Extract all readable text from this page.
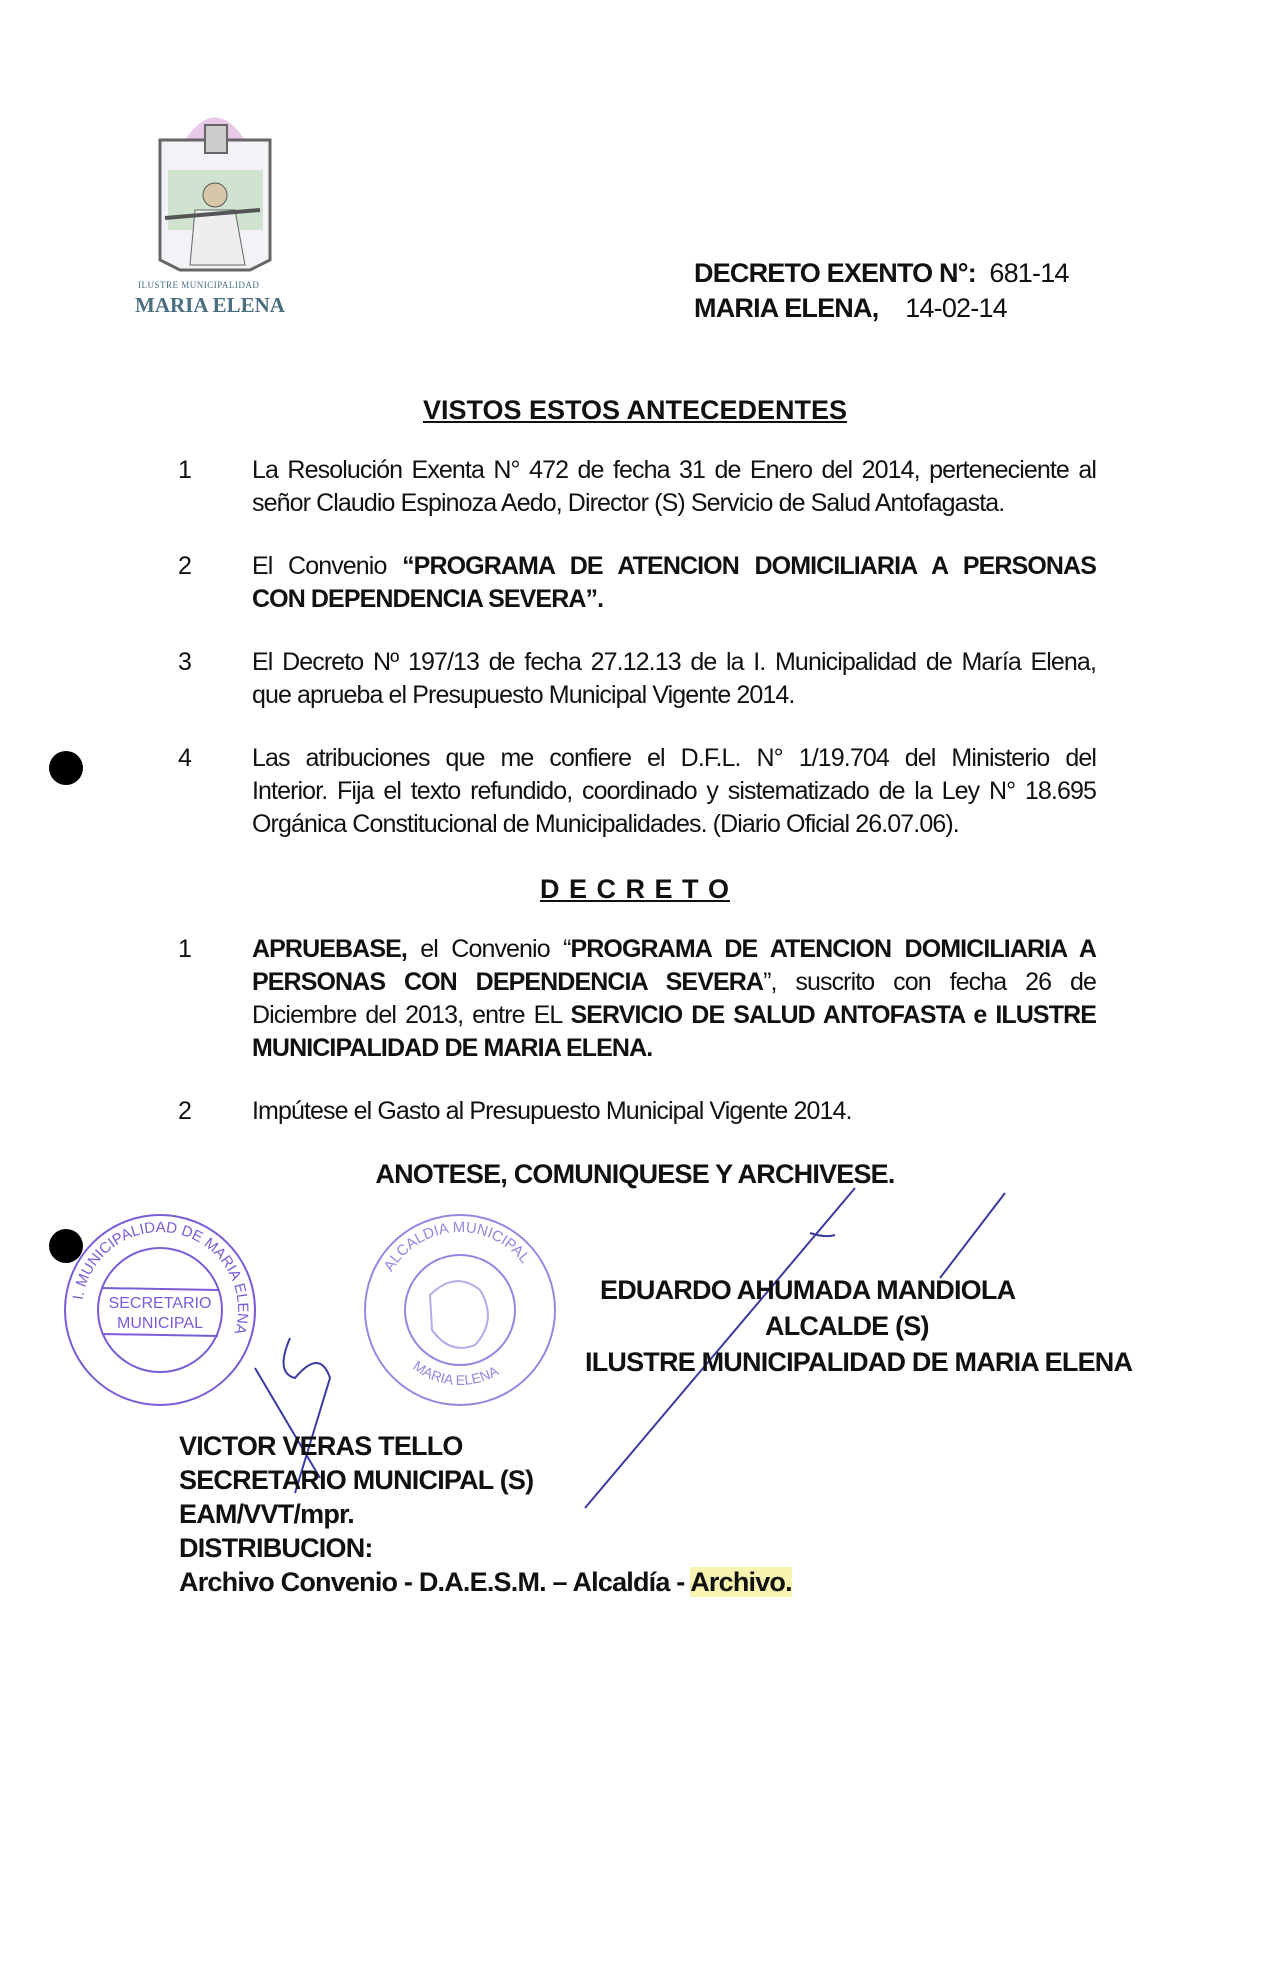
ILUSTRE MUNICIPALIDAD
MARIA ELENA
DECRETO EXENTO N°: 681-14
MARIA ELENA, 14-02-14
VISTOS ESTOS ANTECEDENTES
1	La Resolución Exenta N° 472 de fecha 31 de Enero del 2014, perteneciente al
señor Claudio Espinoza Aedo, Director (S) Servicio de Salud Antofagasta.
2	El Convenio “PROGRAMA DE ATENCION DOMICILIARIA A PERSONAS
CON DEPENDENCIA SEVERA”.
3	El Decreto Nº 197/13 de fecha 27.12.13 de la I. Municipalidad de María Elena,
que aprueba el Presupuesto Municipal Vigente 2014.
4	Las atribuciones que me confiere el D.F.L. N° 1/19.704 del Ministerio del
Interior. Fija el texto refundido, coordinado y sistematizado de la Ley N° 18.695
Orgánica Constitucional de Municipalidades. (Diario Oficial 26.07.06).
D E C R E T O
1	APRUEBASE, el Convenio “PROGRAMA DE ATENCION DOMICILIARIA A
PERSONAS CON DEPENDENCIA SEVERA”, suscrito con fecha 26 de
Diciembre del 2013, entre EL SERVICIO DE SALUD ANTOFASTA e ILUSTRE
MUNICIPALIDAD DE MARIA ELENA.
2	Impútese el Gasto al Presupuesto Municipal Vigente 2014.
ANOTESE, COMUNIQUESE Y ARCHIVESE.
I. MUNICIPALIDAD DE MARIA ELENA
SECRETARIO
MUNICIPAL
ALCALDIA MUNICIPAL
MARIA ELENA
EDUARDO AHUMADA MANDIOLA
ALCALDE (S)
ILUSTRE MUNICIPALIDAD DE MARIA ELENA
VICTOR VERAS TELLO
SECRETARIO MUNICIPAL (S)
EAM/VVT/mpr.
DISTRIBUCION:
Archivo Convenio - D.A.E.S.M. – Alcaldía - Archivo.
